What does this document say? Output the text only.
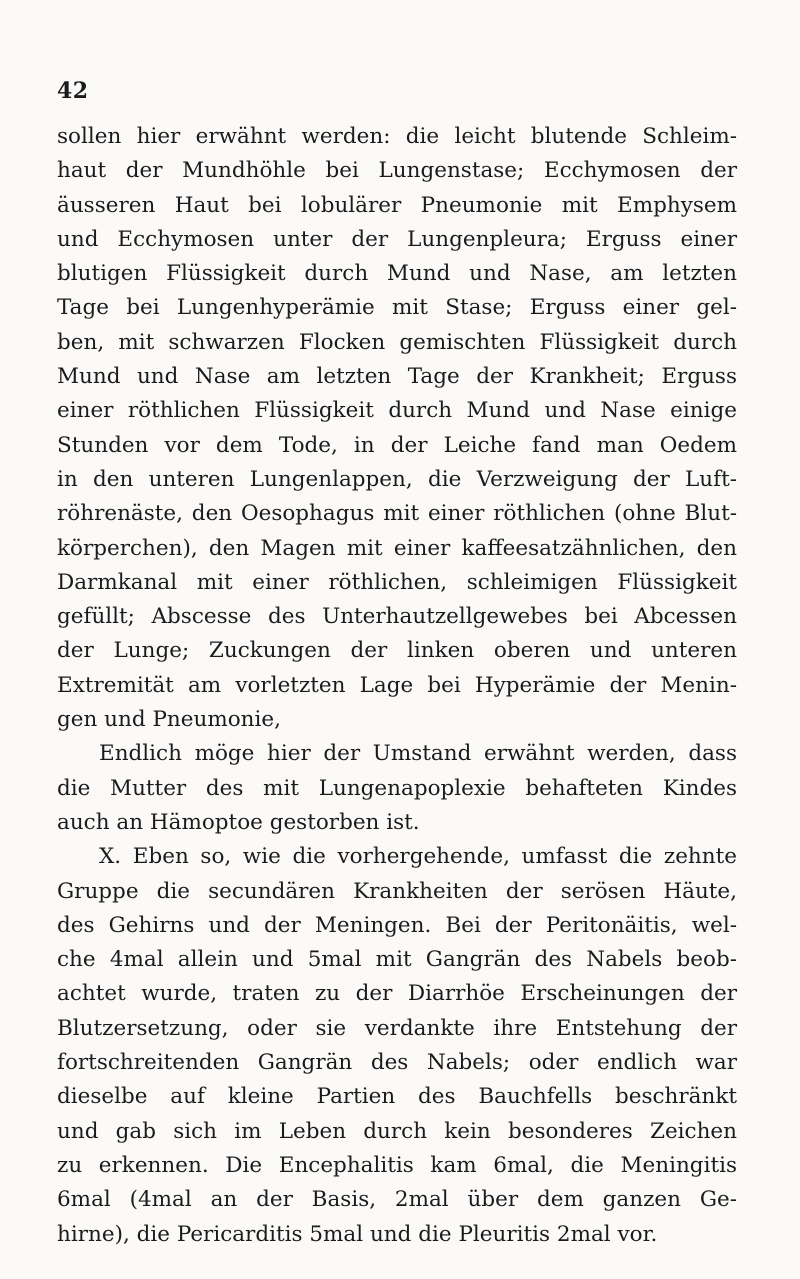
42
sollen hier erwähnt werden: die leicht blutende Schleim-
haut der Mundhöhle bei Lungenstase; Ecchymosen der
äusseren Haut bei lobulärer Pneumonie mit Emphysem
und Ecchymosen unter der Lungenpleura; Erguss einer
blutigen Flüssigkeit durch Mund und Nase, am letzten
Tage bei Lungenhyperämie mit Stase; Erguss einer gel-
ben, mit schwarzen Flocken gemischten Flüssigkeit durch
Mund und Nase am letzten Tage der Krankheit; Erguss
einer röthlichen Flüssigkeit durch Mund und Nase einige
Stunden vor dem Tode, in der Leiche fand man Oedem
in den unteren Lungenlappen, die Verzweigung der Luft-
röhrenäste, den Oesophagus mit einer röthlichen (ohne Blut-
körperchen), den Magen mit einer kaffeesatzähnlichen, den
Darmkanal mit einer röthlichen, schleimigen Flüssigkeit
gefüllt; Abscesse des Unterhautzellgewebes bei Abcessen
der Lunge; Zuckungen der linken oberen und unteren
Extremität am vorletzten Lage bei Hyperämie der Menin-
gen und Pneumonie,
Endlich möge hier der Umstand erwähnt werden, dass
die Mutter des mit Lungenapoplexie behafteten Kindes
auch an Hämoptoe gestorben ist.
X. Eben so, wie die vorhergehende, umfasst die zehnte
Gruppe die secundären Krankheiten der serösen Häute,
des Gehirns und der Meningen. Bei der Peritonäitis, wel-
che 4mal allein und 5mal mit Gangrän des Nabels beob-
achtet wurde, traten zu der Diarrhöe Erscheinungen der
Blutzersetzung, oder sie verdankte ihre Entstehung der
fortschreitenden Gangrän des Nabels; oder endlich war
dieselbe auf kleine Partien des Bauchfells beschränkt
und gab sich im Leben durch kein besonderes Zeichen
zu erkennen. Die Encephalitis kam 6mal, die Meningitis
6mal (4mal an der Basis, 2mal über dem ganzen Ge-
hirne), die Pericarditis 5mal und die Pleuritis 2mal vor.
